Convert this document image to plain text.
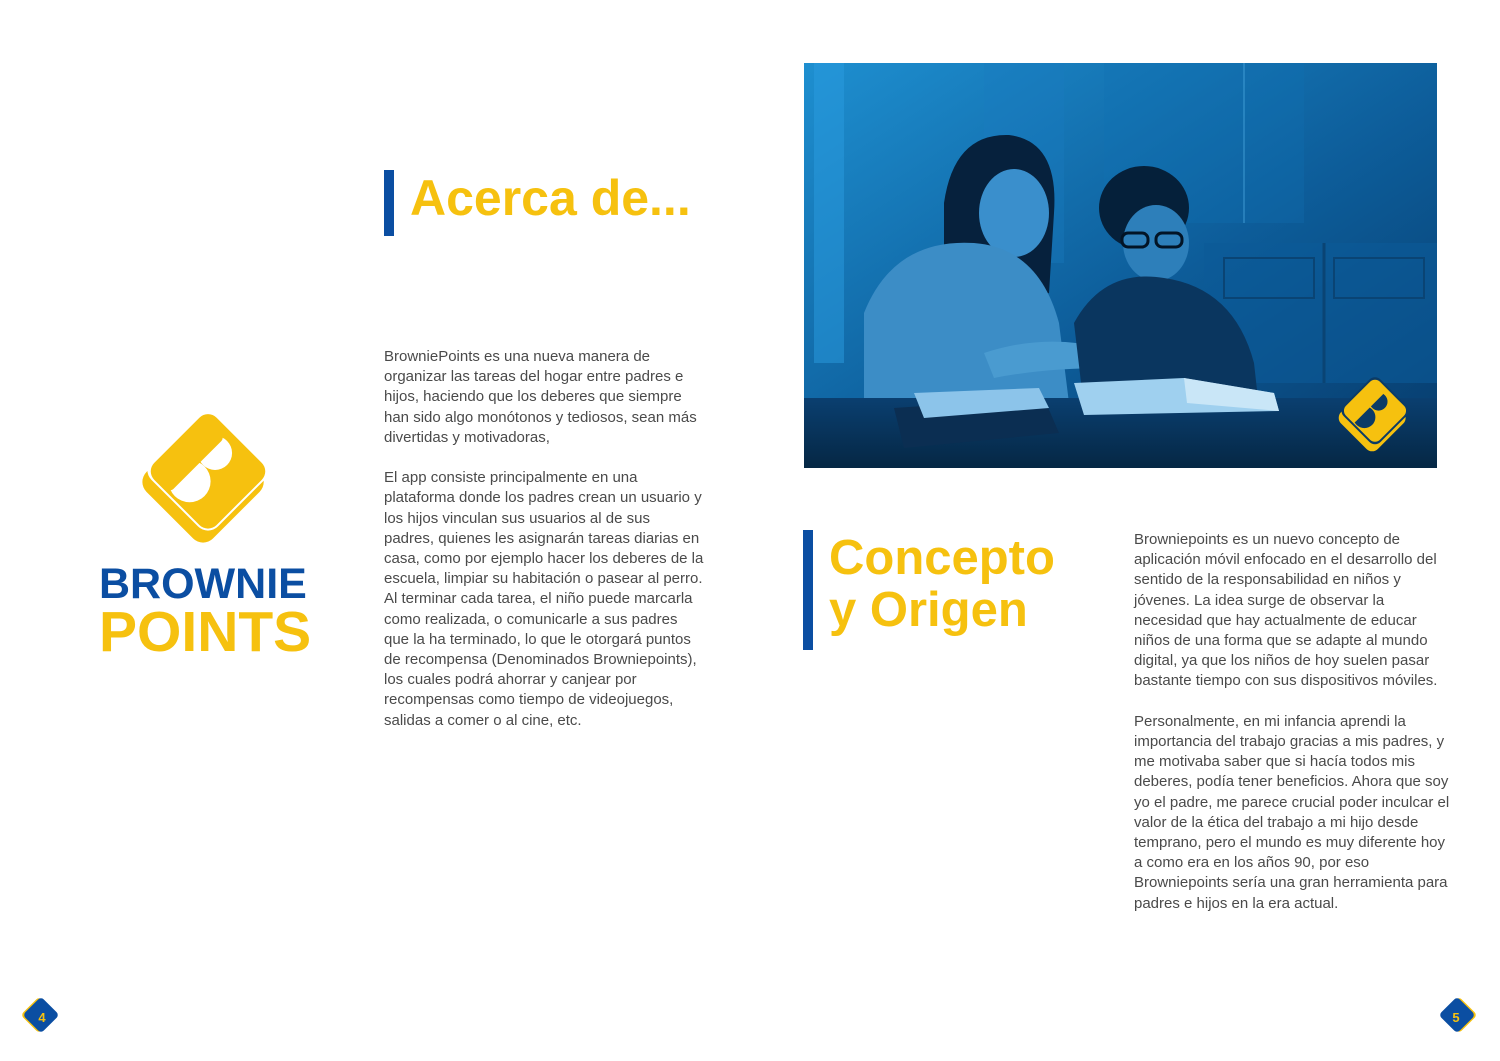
BROWNIE
POINTS
Acerca de...

BrowniePoints es una nueva manera de organizar las tareas del hogar entre padres e hijos, haciendo que los deberes que siempre han sido algo monótonos y tediosos, sean más divertidas y motivadoras,

El app consiste principalmente en una plataforma donde los padres crean un usuario y los hijos vinculan sus usuarios al de sus padres, quienes les asignarán tareas diarias en casa, como por ejemplo hacer los deberes de la escuela, limpiar su habitación o pasear al perro. Al terminar cada tarea, el niño puede marcarla como realizada, o comunicarle a sus padres que la ha terminado, lo que le otorgará puntos de recompensa (Denominados Browniepoints), los cuales podrá ahorrar y canjear por recompensas como tiempo de videojuegos, salidas a comer o al cine, etc.

Concepto
y Origen

Browniepoints es un nuevo concepto de aplicación móvil enfocado en el desarrollo del sentido de la responsabilidad en niños y jóvenes. La idea surge de observar la necesidad que hay actualmente de educar niños de una forma que se adapte al mundo digital, ya que los niños de hoy suelen pasar bastante tiempo con sus dispositivos móviles.

Personalmente, en mi infancia aprendi la importancia del trabajo gracias a mis padres, y me motivaba saber que si hacía todos mis deberes, podía tener beneficios. Ahora que soy yo el padre, me parece crucial poder inculcar el valor de la ética del trabajo a mi hijo desde temprano, pero el mundo es muy diferente hoy a como era en los años 90, por eso Browniepoints sería una gran herramienta para padres e hijos en la era actual.

4	5
